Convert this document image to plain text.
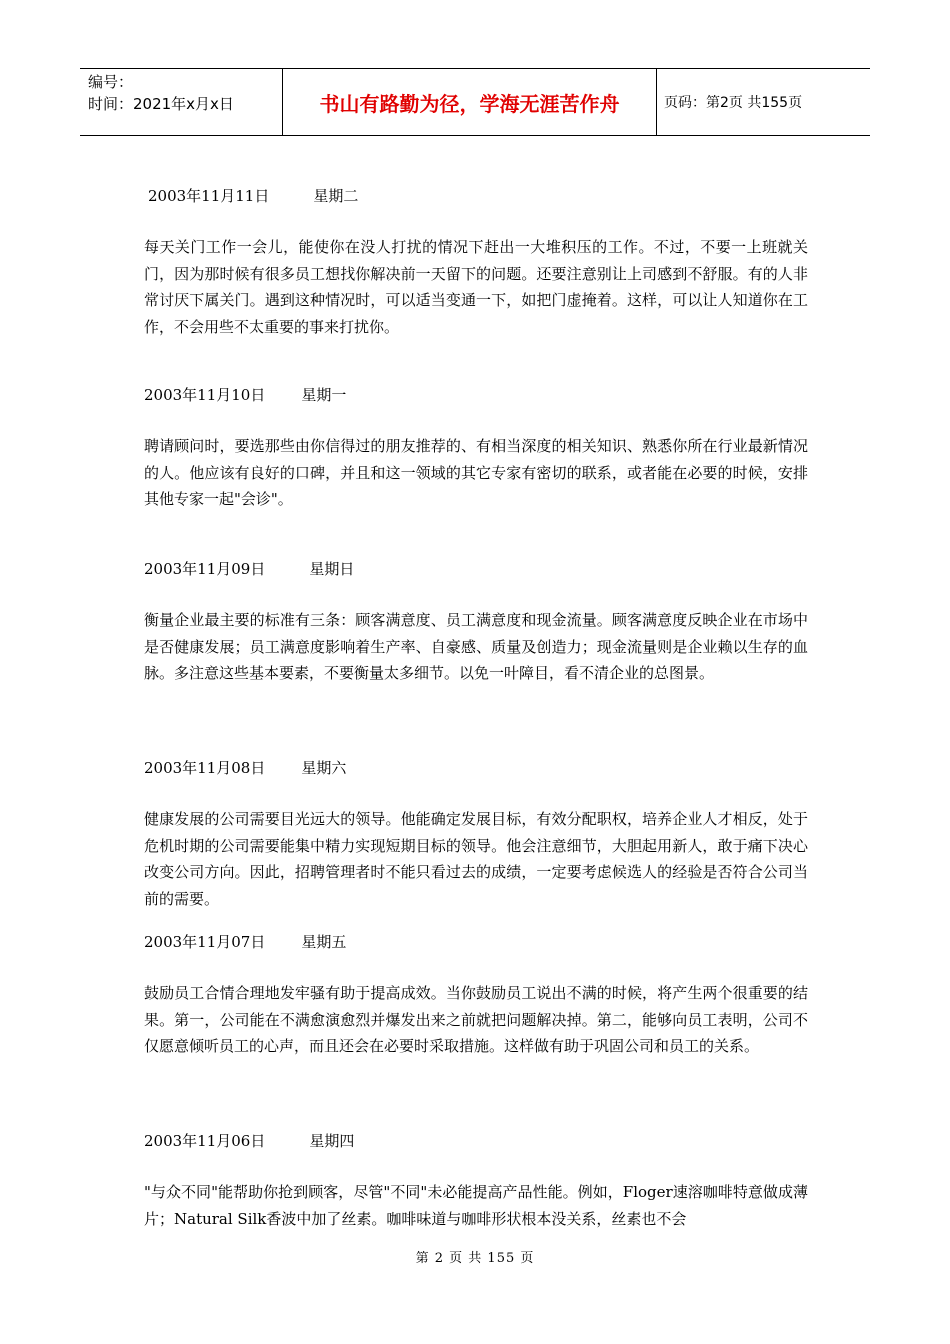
编号：
时间：2021年x月x日	书山有路勤为径，学海无涯苦作舟	页码：第2页 共155页
2003年11月11日	星期二
每天关门工作一会儿，能使你在没人打扰的情况下赶出一大堆积压的工作。不过，不要一上班就关门，因为那时候有很多员工想找你解决前一天留下的问题。还要注意别让上司感到不舒服。有的人非常讨厌下属关门。遇到这种情况时，可以适当变通一下，如把门虚掩着。这样，可以让人知道你在工作，不会用些不太重要的事来打扰你。
2003年11月10日 星期一
聘请顾问时，要选那些由你信得过的朋友推荐的、有相当深度的相关知识、熟悉你所在行业最新情况的人。他应该有良好的口碑，并且和这一领域的其它专家有密切的联系，或者能在必要的时候，安排其他专家一起"会诊"。
2003年11月09日	星期日
衡量企业最主要的标准有三条：顾客满意度、员工满意度和现金流量。顾客满意度反映企业在市场中是否健康发展；员工满意度影响着生产率、自豪感、质量及创造力；现金流量则是企业赖以生存的血脉。多注意这些基本要素，不要衡量太多细节。以免一叶障目，看不清企业的总图景。
2003年11月08日 星期六
健康发展的公司需要目光远大的领导。他能确定发展目标，有效分配职权，培养企业人才相反，处于危机时期的公司需要能集中精力实现短期目标的领导。他会注意细节，大胆起用新人，敢于痛下决心改变公司方向。因此，招聘管理者时不能只看过去的成绩，一定要考虑候选人的经验是否符合公司当前的需要。
2003年11月07日 星期五
鼓励员工合情合理地发牢骚有助于提高成效。当你鼓励员工说出不满的时候，将产生两个很重要的结果。第一，公司能在不满愈演愈烈并爆发出来之前就把问题解决掉。第二，能够向员工表明，公司不仅愿意倾听员工的心声，而且还会在必要时采取措施。这样做有助于巩固公司和员工的关系。
2003年11月06日	星期四
"与众不同"能帮助你抢到顾客，尽管"不同"未必能提高产品性能。例如，Floger速溶咖啡特意做成薄片；Natural Silk香波中加了丝素。咖啡味道与咖啡形状根本没关系，丝素也不会
第 2 页 共 155 页
